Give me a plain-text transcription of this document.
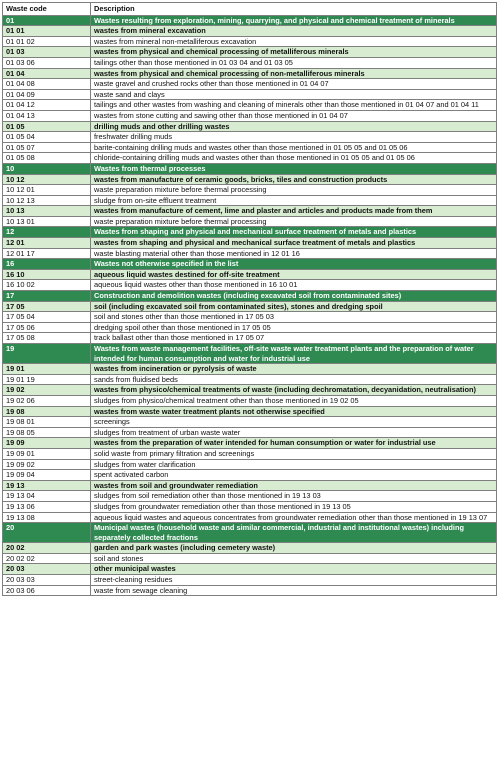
Waste code	Description
01	Wastes resulting from exploration, mining, quarrying, and physical and chemical treatment of minerals
01 01	wastes from mineral excavation
01 01 02	wastes from mineral non-metalliferous excavation
01 03	wastes from physical and chemical processing of metalliferous minerals
01 03 06	tailings other than those mentioned in 01 03 04 and 01 03 05
01 04	wastes from physical and chemical processing of non-metalliferous minerals
01 04 08	waste gravel and crushed rocks other than those mentioned in 01 04 07
01 04 09	waste sand and clays
01 04 12	tailings and other wastes from washing and cleaning of minerals other than those mentioned in 01 04 07 and 01 04 11
01 04 13	wastes from stone cutting and sawing other than those mentioned in 01 04 07
01 05	drilling muds and other drilling wastes
01 05 04	freshwater drilling muds
01 05 07	barite-containing drilling muds and wastes other than those mentioned in 01 05 05 and 01 05 06
01 05 08	chloride-containing drilling muds and wastes other than those mentioned in 01 05 05 and 01 05 06
10	Wastes from thermal processes
10 12	wastes from manufacture of ceramic goods, bricks, tiles and construction products
10 12 01	waste preparation mixture before thermal processing
10 12 13	sludge from on-site effluent treatment
10 13	wastes from manufacture of cement, lime and plaster and articles and products made from them
10 13 01	waste preparation mixture before thermal processing
12	Wastes from shaping and physical and mechanical surface treatment of metals and plastics
12 01	wastes from shaping and physical and mechanical surface treatment of metals and plastics
12 01 17	waste blasting material other than those mentioned in 12 01 16
16	Wastes not otherwise specified in the list
16 10	aqueous liquid wastes destined for off-site treatment
16 10 02	aqueous liquid wastes other than those mentioned in 16 10 01
17	Construction and demolition wastes (including excavated soil from contaminated sites)
17 05	soil (including excavated soil from contaminated sites), stones and dredging spoil
17 05 04	soil and stones other than those mentioned in 17 05 03
17 05 06	dredging spoil other than those mentioned in 17 05 05
17 05 08	track ballast other than those mentioned in 17 05 07
19	Wastes from waste management facilities, off-site waste water treatment plants and the preparation of water intended for human consumption and water for industrial use
19 01	wastes from incineration or pyrolysis of waste
19 01 19	sands from fluidised beds
19 02	wastes from physico/chemical treatments of waste (including dechromatation, decyanidation, neutralisation)
19 02 06	sludges from physico/chemical treatment other than those mentioned in 19 02 05
19 08	wastes from waste water treatment plants not otherwise specified
19 08 01	screenings
19 08 05	sludges from treatment of urban waste water
19 09	wastes from the preparation of water intended for human consumption or water for industrial use
19 09 01	solid waste from primary filtration and screenings
19 09 02	sludges from water clarification
19 09 04	spent activated carbon
19 13	wastes from soil and groundwater remediation
19 13 04	sludges from soil remediation other than those mentioned in 19 13 03
19 13 06	sludges from groundwater remediation other than those mentioned in 19 13 05
19 13 08	aqueous liquid wastes and aqueous concentrates from groundwater remediation other than those mentioned in 19 13 07
20	Municipal wastes (household waste and similar commercial, industrial and institutional wastes) including separately collected fractions
20 02	garden and park wastes (including cemetery waste)
20 02 02	soil and stones
20 03	other municipal wastes
20 03 03	street-cleaning residues
20 03 06	waste from sewage cleaning
